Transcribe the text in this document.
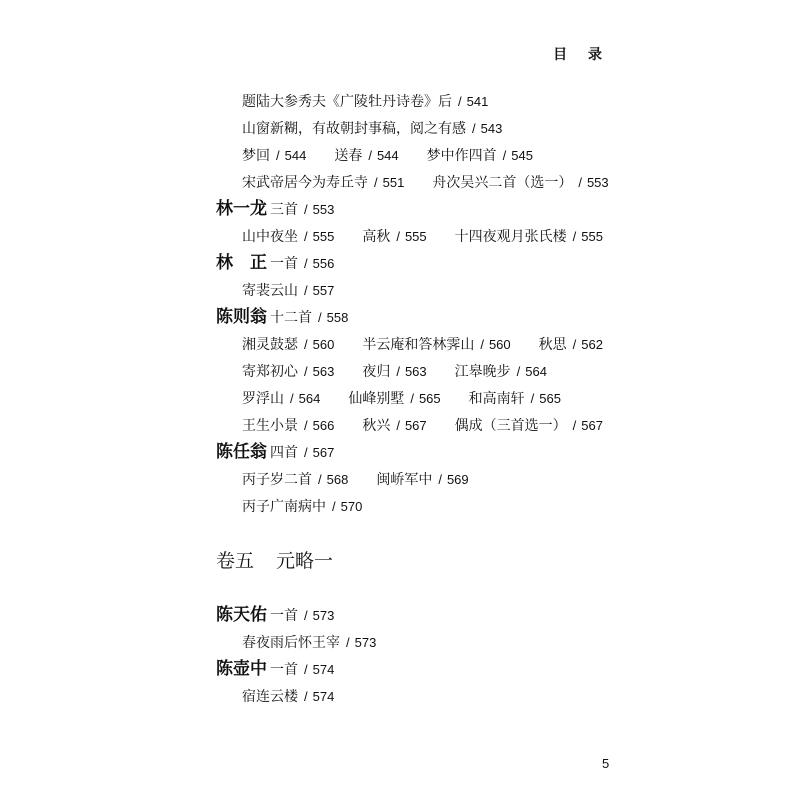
目 录
题陆大参秀夫《广陵牡丹诗卷》后 / 541
山窗新糊，有故朝封事稿，阅之有感 / 543
梦回 / 544 送春 / 544 梦中作四首 / 545
宋武帝居今为寿丘寺 / 551 舟次吴兴二首（选一） / 553
林一龙 三首 / 553
山中夜坐 / 555 高秋 / 555 十四夜观月张氏楼 / 555
林　正 一首 / 556
寄裴云山 / 557
陈则翁 十二首 / 558
湘灵鼓瑟 / 560 半云庵和答林霁山 / 560 秋思 / 562
寄郑初心 / 563 夜归 / 563 江皋晚步 / 564
罗浮山 / 564 仙峰别墅 / 565 和高南轩 / 565
王生小景 / 566 秋兴 / 567 偶成（三首选一） / 567
陈任翁 四首 / 567
丙子岁二首 / 568 闽峤军中 / 569
丙子广南病中 / 570
卷五 元略一
陈天佑 一首 / 573
春夜雨后怀王宰 / 573
陈壶中 一首 / 574
宿连云楼 / 574
5
